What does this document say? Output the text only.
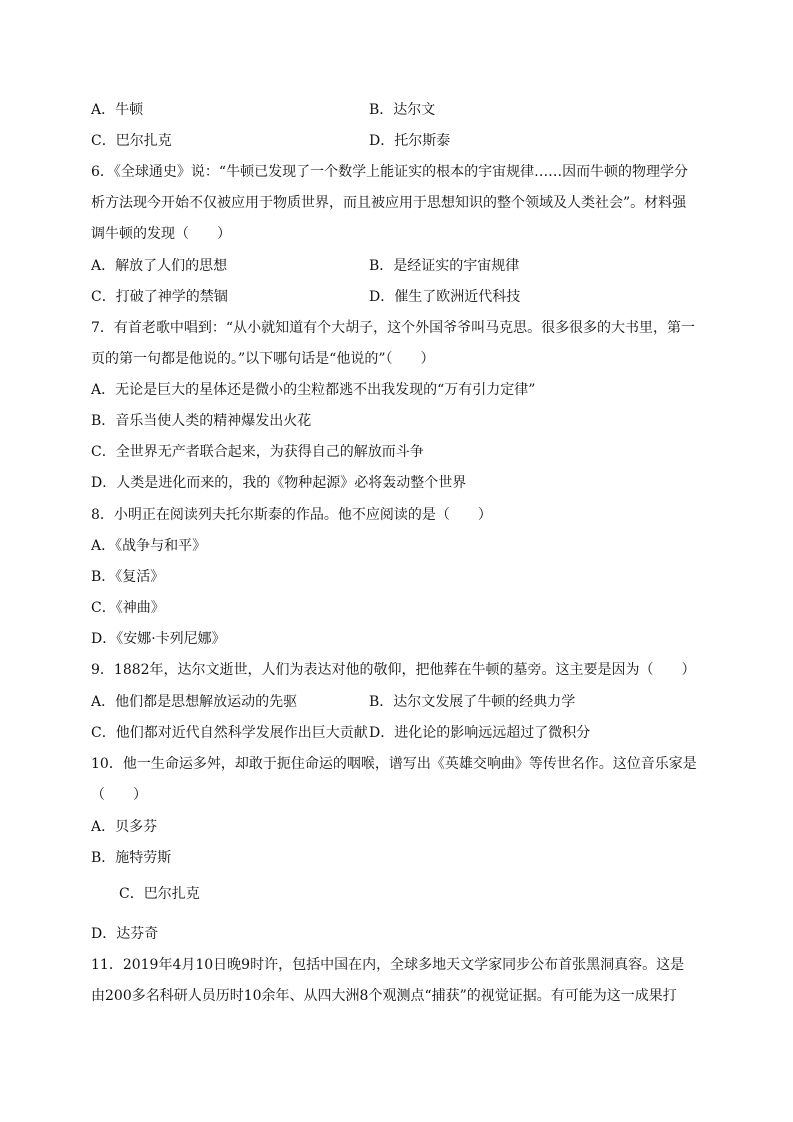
A．牛顿	B．达尔文
C．巴尔扎克	D．托尔斯泰
6．《全球通史》说：“牛顿已发现了一个数学上能证实的根本的宇宙规律……因而牛顿的物理学分
析方法现今开始不仅被应用于物质世界，而且被应用于思想知识的整个领域及人类社会”。材料强
调牛顿的发现（　　）
A．解放了人们的思想	B．是经证实的宇宙规律
C．打破了神学的禁锢	D．催生了欧洲近代科技
7．有首老歌中唱到：“从小就知道有个大胡子，这个外国爷爷叫马克思。很多很多的大书里，第一
页的第一句都是他说的。”以下哪句话是“他说的”（　　）
A．无论是巨大的星体还是微小的尘粒都逃不出我发现的“万有引力定律”
B．音乐当使人类的精神爆发出火花
C．全世界无产者联合起来，为获得自己的解放而斗争
D．人类是进化而来的，我的《物种起源》必将轰动整个世界
8．小明正在阅读列夫托尔斯泰的作品。他不应阅读的是（　　）
A．《战争与和平》
B．《复活》
C．《神曲》
D．《安娜·卡列尼娜》
9．1882年，达尔文逝世，人们为表达对他的敬仰，把他葬在牛顿的墓旁。这主要是因为（　　）
A．他们都是思想解放运动的先驱	B．达尔文发展了牛顿的经典力学
C．他们都对近代自然科学发展作出巨大贡献 D．进化论的影响远远超过了微积分
10．他一生命运多舛，却敢于扼住命运的咽喉，谱写出《英雄交响曲》等传世名作。这位音乐家是
（　　）
A．贝多芬
B．施特劳斯
C．巴尔扎克
D．达芬奇
11．2019年4月10日晚9时许，包括中国在内，全球多地天文学家同步公布首张黑洞真容。这是
由200多名科研人员历时10余年、从四大洲8个观测点“捕获”的视觉证据。有可能为这一成果打
